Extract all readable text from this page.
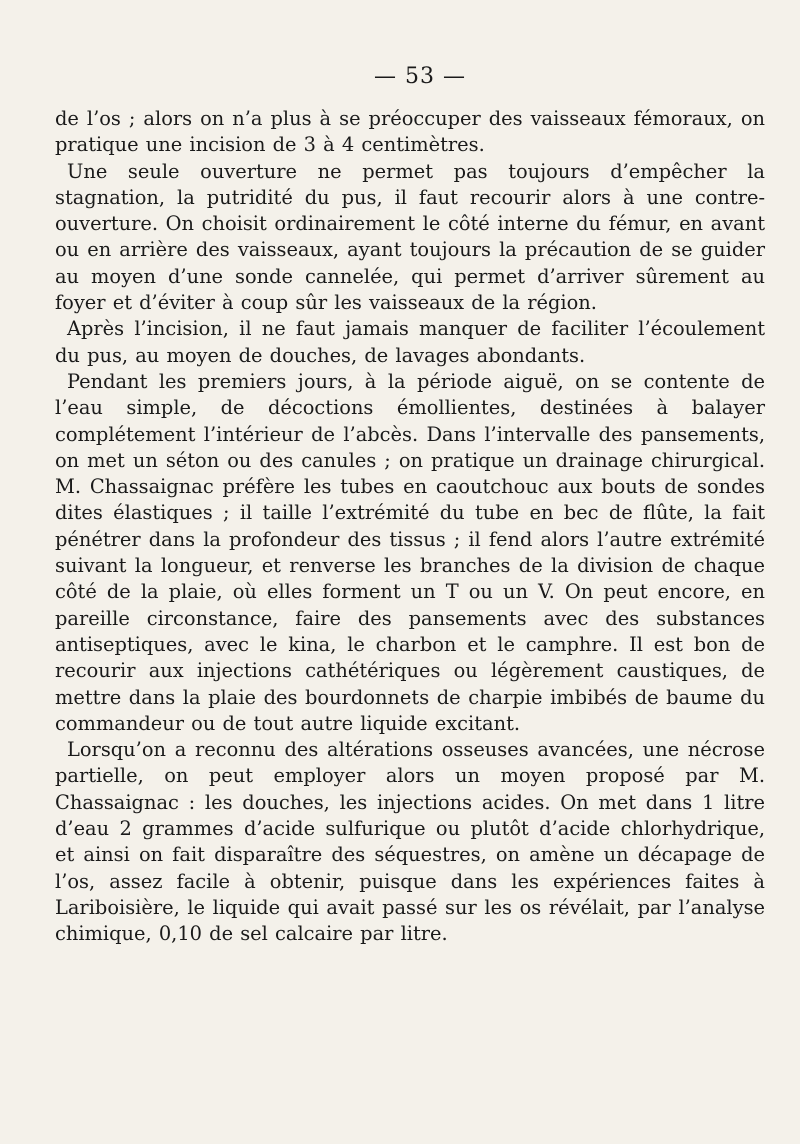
— 53 —

de l’os ; alors on n’a plus à se préoccuper des vaisseaux fémoraux, on pratique une incision de 3 à 4 centimètres.

Une seule ouverture ne permet pas toujours d’empêcher la stagnation, la putridité du pus, il faut recourir alors à une contre-ouverture. On choisit ordinairement le côté interne du fémur, en avant ou en arrière des vaisseaux, ayant toujours la précaution de se guider au moyen d’une sonde cannelée, qui permet d’arriver sûrement au foyer et d’éviter à coup sûr les vaisseaux de la région.

Après l’incision, il ne faut jamais manquer de faciliter l’écoulement du pus, au moyen de douches, de lavages abondants.

Pendant les premiers jours, à la période aiguë, on se contente de l’eau simple, de décoctions émollientes, destinées à balayer complétement l’intérieur de l’abcès. Dans l’intervalle des pansements, on met un séton ou des canules ; on pratique un drainage chirurgical. M. Chassaignac préfère les tubes en caoutchouc aux bouts de sondes dites élastiques ; il taille l’extrémité du tube en bec de flûte, la fait pénétrer dans la profondeur des tissus ; il fend alors l’autre extrémité suivant la longueur, et renverse les branches de la division de chaque côté de la plaie, où elles forment un T ou un V. On peut encore, en pareille circonstance, faire des pansements avec des substances antiseptiques, avec le kina, le charbon et le camphre. Il est bon de recourir aux injections cathétériques ou légèrement caustiques, de mettre dans la plaie des bourdonnets de charpie imbibés de baume du commandeur ou de tout autre liquide excitant.

Lorsqu’on a reconnu des altérations osseuses avancées, une nécrose partielle, on peut employer alors un moyen proposé par M. Chassaignac : les douches, les injections acides. On met dans 1 litre d’eau 2 grammes d’acide sulfurique ou plutôt d’acide chlorhydrique, et ainsi on fait disparaître des séquestres, on amène un décapage de l’os, assez facile à obtenir, puisque dans les expériences faites à Lariboisière, le liquide qui avait passé sur les os révélait, par l’analyse chimique, 0,10 de sel calcaire par litre.
